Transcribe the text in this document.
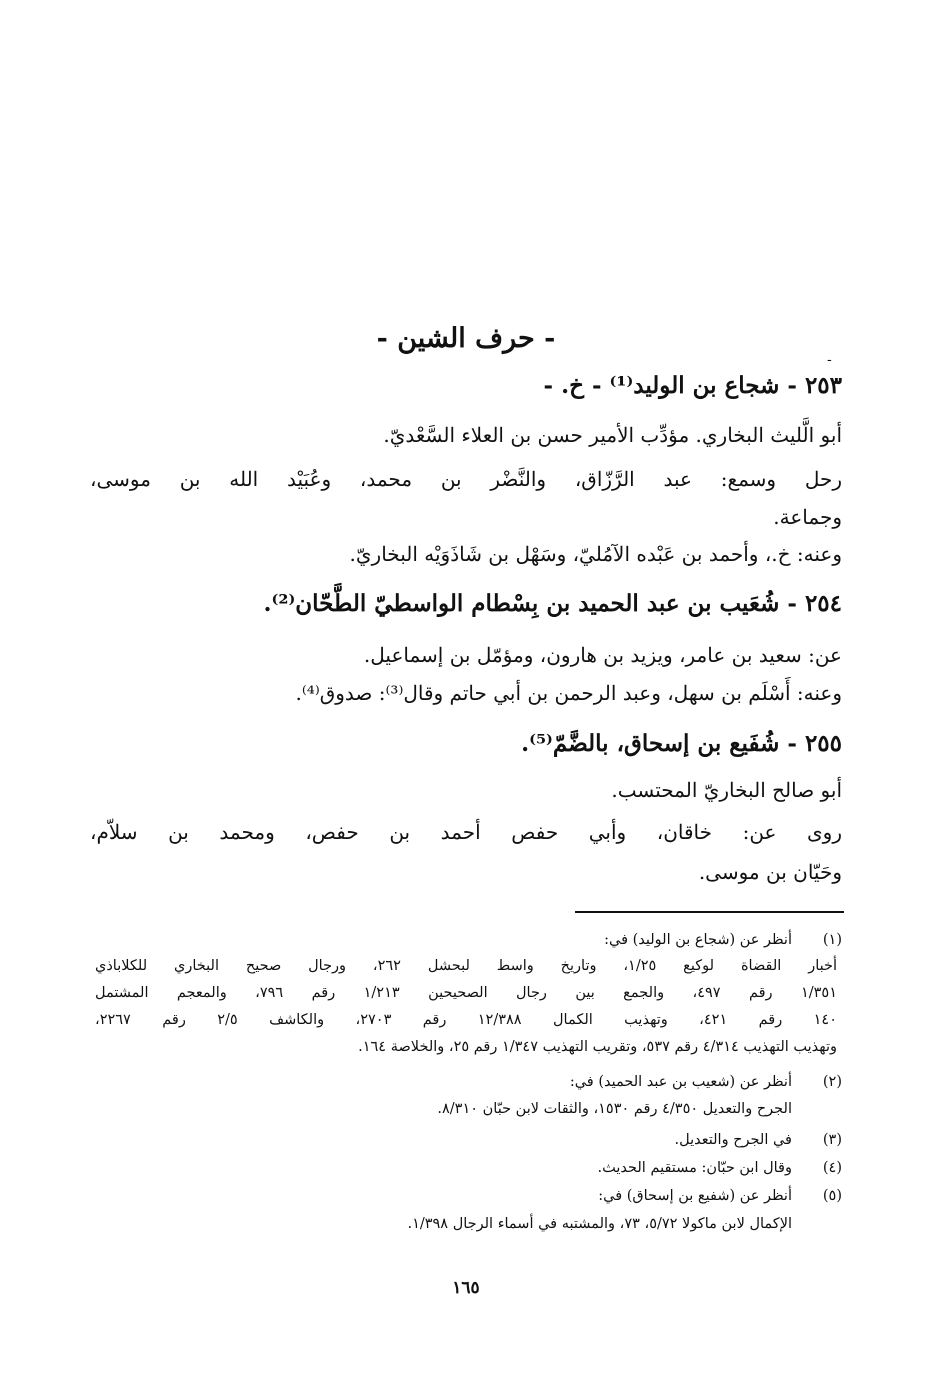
-
- حرف الشين -
٢٥٣ - شجاع بن الوليد⁽¹⁾ - خ. -
أبو الَّليث البخاري. مؤدِّب الأمير حسن بن العلاء السَّعْديّ.
رحل وسمع: عبد الرَّزّاق، والنَّضْر بن محمد، وعُبَيْد الله بن موسى،
وجماعة.
وعنه: خ.، وأحمد بن عَبْده الآمُليّ، وسَهْل بن شَاذَوَيْه البخاريّ.
٢٥٤ - شُعَيب بن عبد الحميد بن بِسْطام الواسطيّ الطَّحّان⁽²⁾.
عن: سعيد بن عامر، ويزيد بن هارون، ومؤمّل بن إسماعيل.
وعنه: أَسْلَم بن سهل، وعبد الرحمن بن أبي حاتم وقال⁽³⁾: صدوق⁽⁴⁾.
٢٥٥ - شُفَيع بن إسحاق، بالضَّمّ⁽⁵⁾.
أبو صالح البخاريّ المحتسب.
روى عن: خاقان، وأبي حفص أحمد بن حفص، ومحمد بن سلاّم،
وحَيّان بن موسى.
(١)
أنظر عن (شجاع بن الوليد) في:
أخبار القضاة لوكيع ١/٢٥، وتاريخ واسط لبحشل ٢٦٢، ورجال صحيح البخاري للكلاباذي
١/٣٥١ رقم ٤٩٧، والجمع بين رجال الصحيحين ١/٢١٣ رقم ٧٩٦، والمعجم المشتمل
١٤٠ رقم ٤٢١، وتهذيب الكمال ١٢/٣٨٨ رقم ٢٧٠٣، والكاشف ٢/٥ رقم ٢٢٦٧،
وتهذيب التهذيب ٤/٣١٤ رقم ٥٣٧، وتقريب التهذيب ١/٣٤٧ رقم ٢٥، والخلاصة ١٦٤.
(٢)
أنظر عن (شعيب بن عبد الحميد) في:
الجرح والتعديل ٤/٣٥٠ رقم ١٥٣٠، والثقات لابن حبّان ٨/٣١٠.
(٣)
في الجرح والتعديل.
(٤)
وقال ابن حبّان: مستقيم الحديث.
(٥)
أنظر عن (شفيع بن إسحاق) في:
الإكمال لابن ماكولا ٥/٧٢، ٧٣، والمشتبه في أسماء الرجال ١/٣٩٨.
١٦٥
